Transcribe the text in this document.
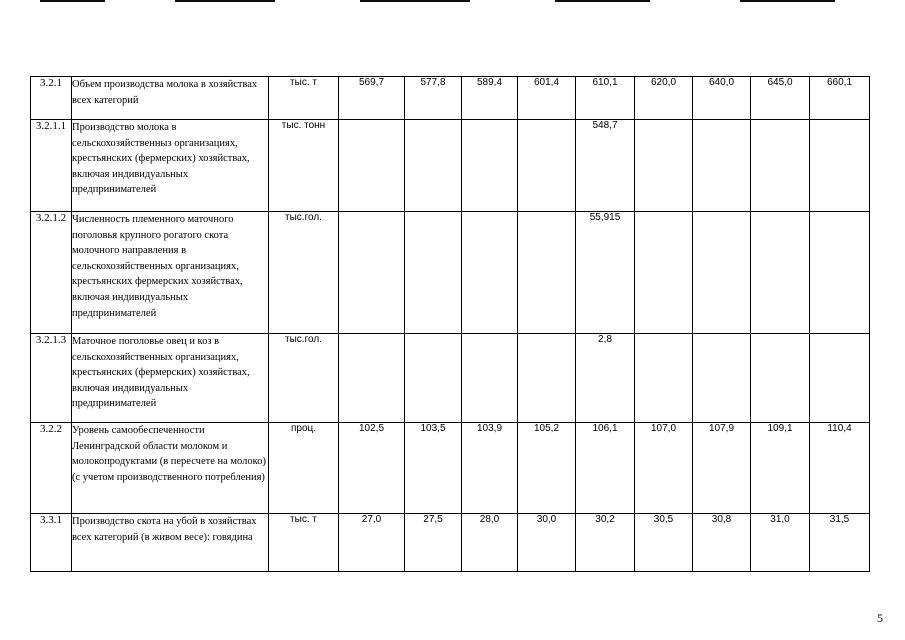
3.2.1	Объем производства молока в хозяйствах всех категорий	тыс. т	569,7	577,8	589,4	601,4	610,1	620,0	640,0	645,0	660,1
3.2.1.1	Производство молока в сельскохозяйственныз организациях, крестьянских (фермерских) хозяйствах, включая индивидуальных предпринимателей	тыс. тонн					548,7				
3.2.1.2	Численность племенного маточного поголовья крупного рогатого скота молочного направления в сельскохозяйственных организациях, крестьянских фермерских хозяйствах, включая индивидуальных предпринимателей	тыс.гол.					55,915				
3.2.1.3	Маточное поголовье овец и коз в сельскохозяйственных организациях, крестьянских (фермерских) хозяйствах, включая индивидуальных предпринимателей	тыс.гол.					2,8				
3.2.2	Уровень самообеспеченности Ленинградской области молоком и молокопродуктами (в пересчете на молоко) (с учетом производственного потребления)	проц.	102,5	103,5	103,9	105,2	106,1	107,0	107,9	109,1	110,4
3.3.1	Производство скота на убой в хозяйствах всех категорий (в живом весе): говядина	тыс. т	27,0	27,5	28,0	30,0	30,2	30,5	30,8	31,0	31,5
5
